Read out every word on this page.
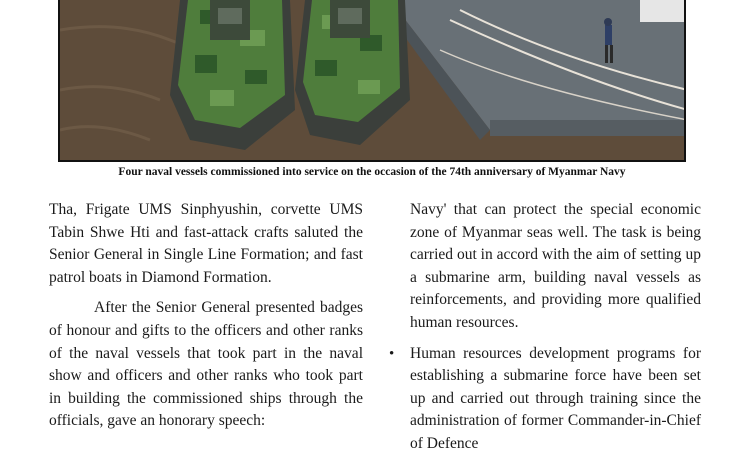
Four naval vessels commissioned into service on the occasion of the 74th anniversary of Myanmar Navy

Tha, Frigate UMS Sinphyushin, corvette UMS Tabin Shwe Hti and fast-attack crafts saluted the Senior General in Single Line Formation; and fast patrol boats in Diamond Formation.

After the Senior General presented badges of honour and gifts to the officers and other ranks of the naval vessels that took part in the naval show and officers and other ranks who took part in building the commissioned ships through the officials, gave an honorary speech:

Navy' that can protect the special economic zone of Myanmar seas well. The task is being carried out in accord with the aim of setting up a submarine arm, building naval vessels as reinforcements, and providing more qualified human resources.

• Human resources development programs for establishing a submarine force have been set up and carried out through training since the administration of former Commander-in-Chief of Defence
